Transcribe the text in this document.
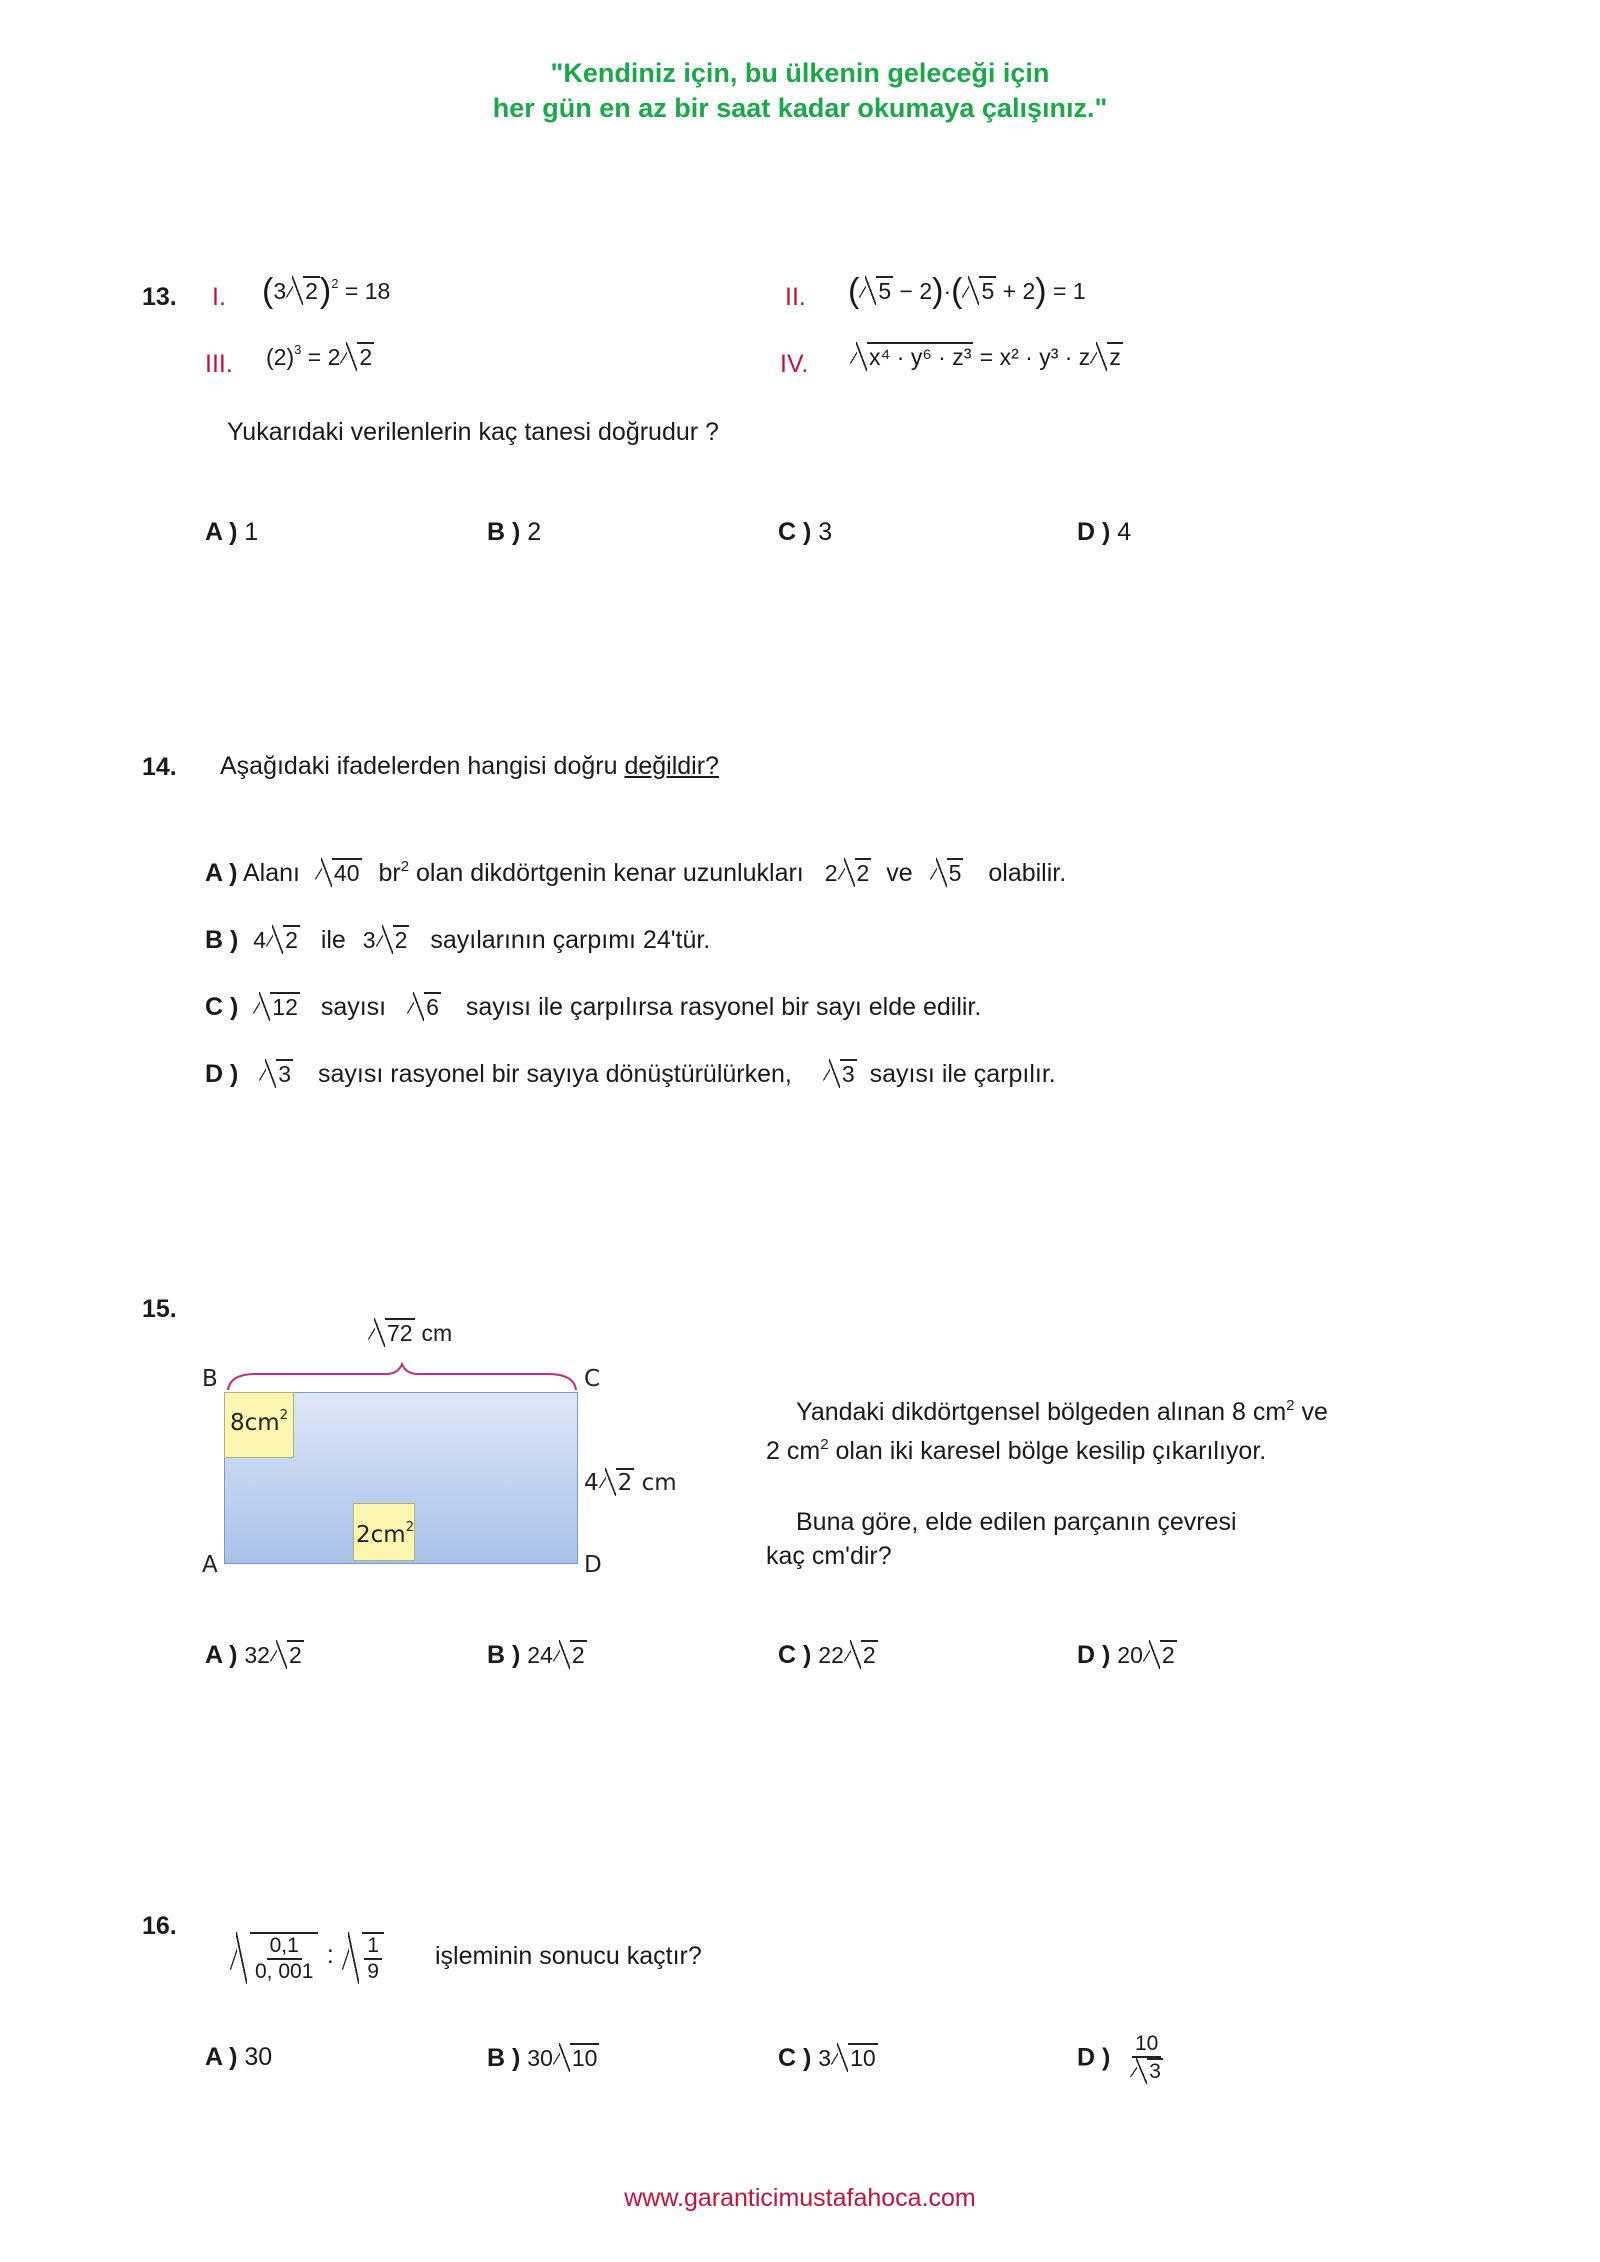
"Kendiniz için, bu ülkenin geleceği için
her gün en az bir saat kadar okumaya çalışınız."
13. I. (3 2)$^2$ = 18	II. ( 5 − 2)·( 5 + 2) = 1
III. $(2)^3 = 2$ 2	IV.	x⁴ · y⁶ · z³ = x² · y³ · z z
Yukarıdaki verilenlerin kaç tanesi doğrudur ?
A ) 1	B ) 2	C ) 3	D ) 4
14. Aşağıdaki ifadelerden hangisi doğru değildir?
A ) Alanı 40 $br^2$ olan dikdörtgenin kenar uzunlukları 2 2 ve 5 olabilir.
B ) 4 2 ile 3 2 sayılarının çarpımı 24'tür.
C ) 12 sayısı 6 sayısı ile çarpılırsa rasyonel bir sayı elde edilir.
D ) 3 sayısı rasyonel bir sayıya dönüştürülürken, 3 sayısı ile çarpılır.
15.
72 cm
$8cm^2$
$2cm^2$
B	C
A	D
4 2 cm
Yandaki dikdörtgensel bölgeden alınan 8 $cm^2$ ve
2 $cm^2$ olan iki karesel bölge kesilip çıkarılıyor.
Buna göre, elde edilen parçanın çevresi
kaç cm'dir?
A ) 32 2	B ) 24 2	C ) 22 2	D ) 20 2
16.
$\frac{0,1}{0, 001}$ : $\frac{1}{9}$ işleminin sonucu kaçtır?
A ) 30	B ) 30 10	C ) 3 10	D ) $\frac{10}{3}$
www.garanticimustafahoca.com
